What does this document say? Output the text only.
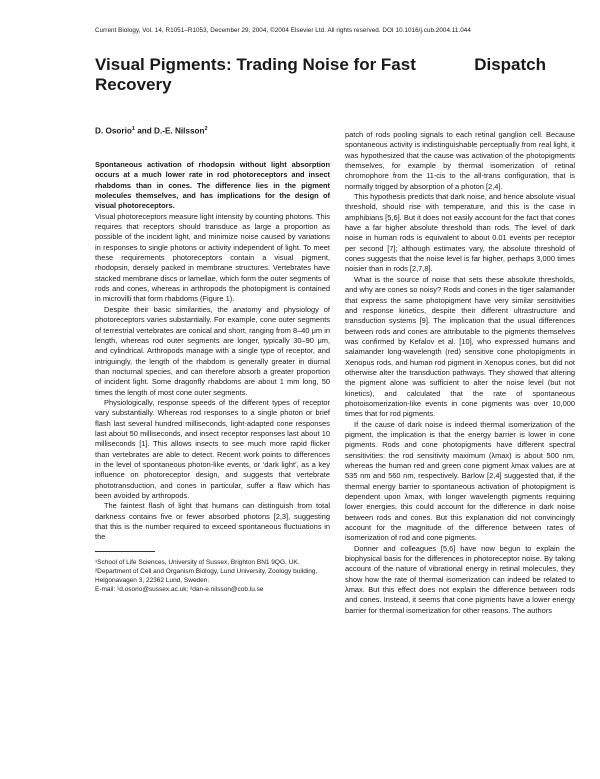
Current Biology, Vol. 14, R1051–R1053, December 29, 2004, ©2004 Elsevier Ltd. All rights reserved. DOI 10.1016/j.cub.2004.11.044
Visual Pigments: Trading Noise for Fast Recovery
Dispatch
D. Osorio$^1$ and D.-E. Nilsson$^2$

Spontaneous activation of rhodopsin without light absorption occurs at a much lower rate in rod photoreceptors and insect rhabdoms than in cones. The difference lies in the pigment molecules themselves, and has implications for the design of visual photoreceptors.

Visual photoreceptors measure light intensity by counting photons. This requires that receptors should transduce as large a proportion as possible of the incident light, and minimize noise caused by variations in responses to single photons or activity independent of light. To meet these requirements photoreceptors contain a visual pigment, rhodopsin, densely packed in membrane structures. Vertebrates have stacked membrane discs or lamellae, which form the outer segments of rods and cones, whereas in arthropods the photopigment is contained in microvilli that form rhabdoms (Figure 1).

Despite their basic similarities, the anatomy and physiology of photoreceptors varies substantially. For example, cone outer segments of terrestrial vertebrates are conical and short, ranging from 8–40 μm in length, whereas rod outer segments are longer, typically 30–90 μm, and cylindrical. Arthropods manage with a single type of receptor, and intriguingly, the length of the rhabdom is generally greater in diurnal than nocturnal species, and can therefore absorb a greater proportion of incident light. Some dragonfly rhabdoms are about 1 mm long, 50 times the length of most cone outer segments.

Physiologically, response speeds of the different types of receptor vary substantially. Whereas rod responses to a single photon or brief flash last several hundred milliseconds, light-adapted cone responses last about 50 milliseconds, and insect receptor responses last about 10 milliseconds [1]. This allows insects to see much more rapid flicker than vertebrates are able to detect. Recent work points to differences in the level of spontaneous photon-like events, or ‘dark light’, as a key influence on photoreceptor design, and suggests that vertebrate phototransduction, and cones in particular, suffer a flaw which has been avoided by arthropods.

The faintest flash of light that humans can distinguish from total darkness contains five or fewer absorbed photons [2,3], suggesting that this is the number required to exceed spontaneous fluctuations in the

¹School of Life Sciences, University of Sussex, Brighton BN1 9QG, UK. ²Department of Cell and Organism Biology, Lund University, Zoology building, Helgonavagen 3, 22362 Lund, Sweden.

E-mail: ¹d.osorio@sussex.ac.uk; ²dan-e.nilsson@cob.lu.se

patch of rods pooling signals to each retinal ganglion cell. Because spontaneous activity is indistinguishable perceptually from real light, it was hypothesized that the cause was activation of the photopigments themselves, for example by thermal isomerization of retinal chromophore from the 11-cis to the all-trans configuration, that is normally trigged by absorption of a photon [2,4].

This hypothesis predicts that dark noise, and hence absolute visual threshold, should rise with temperature, and this is the case in amphibians [5,6]. But it does not easily account for the fact that cones have a far higher absolute threshold than rods. The level of dark noise in human rods is equivalent to about 0.01 events per receptor per second [7]; although estimates vary, the absolute threshold of cones suggests that the noise level is far higher, perhaps 3,000 times noisier than in rods [2,7,8].

What is the source of noise that sets these absolute thresholds, and why are cones so noisy? Rods and cones in the tiger salamander that express the same photopigment have very similar sensitivities and response kinetics, despite their different ultrastructure and transduction systems [9]. The implication that the usual differences between rods and cones are attributable to the pigments themselves was confirmed by Kefalov et al. [10], who expressed humans and salamander long-wavelength (red) sensitive cone photopigments in Xenopus rods, and human rod pigment in Xenopus cones, but did not otherwise alter the transduction pathways. They showed that altering the pigment alone was sufficient to alter the noise level (but not kinetics), and calculated that the rate of spontaneous photoisomerization-like events in cone pigments was over 10,000 times that for rod pigments.

If the cause of dark noise is indeed thermal isomerization of the pigment, the implication is that the energy barrier is lower in cone pigments. Rods and cone photopigments have different spectral sensitivities: the rod sensitivity maximum (λmax) is about 500 nm, whereas the human red and green cone pigment λmax values are at 535 nm and 560 nm, respectively. Barlow [2,4] suggested that, if the thermal energy barrier to spontaneous activation of photopigment is dependent upon λmax, with longer wavelength pigments requiring lower energies, this could account for the difference in dark noise between rods and cones. But this explanation did not convincingly account for the magnitude of the difference between rates of isomerization of rod and cone pigments.

Donner and colleagues [5,6] have now begun to explain the biophysical basis for the differences in photoreceptor noise. By taking account of the nature of vibrational energy in retinal molecules, they show how the rate of thermal isomerization can indeed be related to λmax. But this effect does not explain the difference between rods and cones. Instead, it seems that cone pigments have a lower energy barrier for thermal isomerization for other reasons. The authors
